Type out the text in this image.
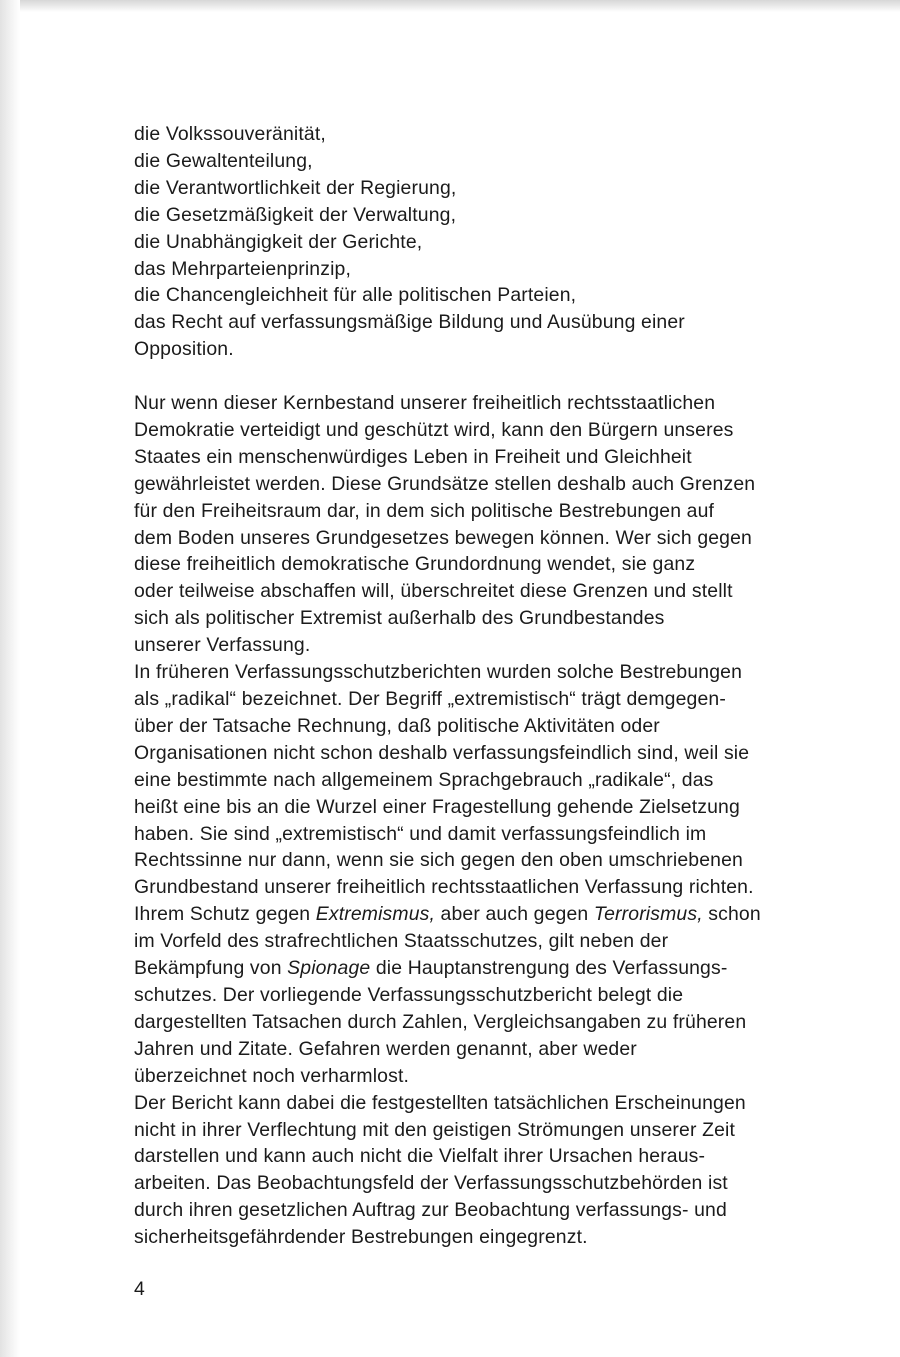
die Volkssouveränität,
die Gewaltenteilung,
die Verantwortlichkeit der Regierung,
die Gesetzmäßigkeit der Verwaltung,
die Unabhängigkeit der Gerichte,
das Mehrparteienprinzip,
die Chancengleichheit für alle politischen Parteien,
das Recht auf verfassungsmäßige Bildung und Ausübung einer
Opposition.
Nur wenn dieser Kernbestand unserer freiheitlich rechtsstaatlichen
Demokratie verteidigt und geschützt wird, kann den Bürgern unseres
Staates ein menschenwürdiges Leben in Freiheit und Gleichheit
gewährleistet werden. Diese Grundsätze stellen deshalb auch Grenzen
für den Freiheitsraum dar, in dem sich politische Bestrebungen auf
dem Boden unseres Grundgesetzes bewegen können. Wer sich gegen
diese freiheitlich demokratische Grundordnung wendet, sie ganz
oder teilweise abschaffen will, überschreitet diese Grenzen und stellt
sich als politischer Extremist außerhalb des Grundbestandes
unserer Verfassung.
In früheren Verfassungsschutzberichten wurden solche Bestrebungen
als „radikal“ bezeichnet. Der Begriff „extremistisch“ trägt demgegen-
über der Tatsache Rechnung, daß politische Aktivitäten oder
Organisationen nicht schon deshalb verfassungsfeindlich sind, weil sie
eine bestimmte nach allgemeinem Sprachgebrauch „radikale“, das
heißt eine bis an die Wurzel einer Fragestellung gehende Zielsetzung
haben. Sie sind „extremistisch“ und damit verfassungsfeindlich im
Rechtssinne nur dann, wenn sie sich gegen den oben umschriebenen
Grundbestand unserer freiheitlich rechtsstaatlichen Verfassung richten.
Ihrem Schutz gegen Extremismus, aber auch gegen Terrorismus, schon
im Vorfeld des strafrechtlichen Staatsschutzes, gilt neben der
Bekämpfung von Spionage die Hauptanstrengung des Verfassungs-
schutzes. Der vorliegende Verfassungsschutzbericht belegt die
dargestellten Tatsachen durch Zahlen, Vergleichsangaben zu früheren
Jahren und Zitate. Gefahren werden genannt, aber weder
überzeichnet noch verharmlost.
Der Bericht kann dabei die festgestellten tatsächlichen Erscheinungen
nicht in ihrer Verflechtung mit den geistigen Strömungen unserer Zeit
darstellen und kann auch nicht die Vielfalt ihrer Ursachen heraus-
arbeiten. Das Beobachtungsfeld der Verfassungsschutzbehörden ist
durch ihren gesetzlichen Auftrag zur Beobachtung verfassungs- und
sicherheitsgefährdender Bestrebungen eingegrenzt.
4
